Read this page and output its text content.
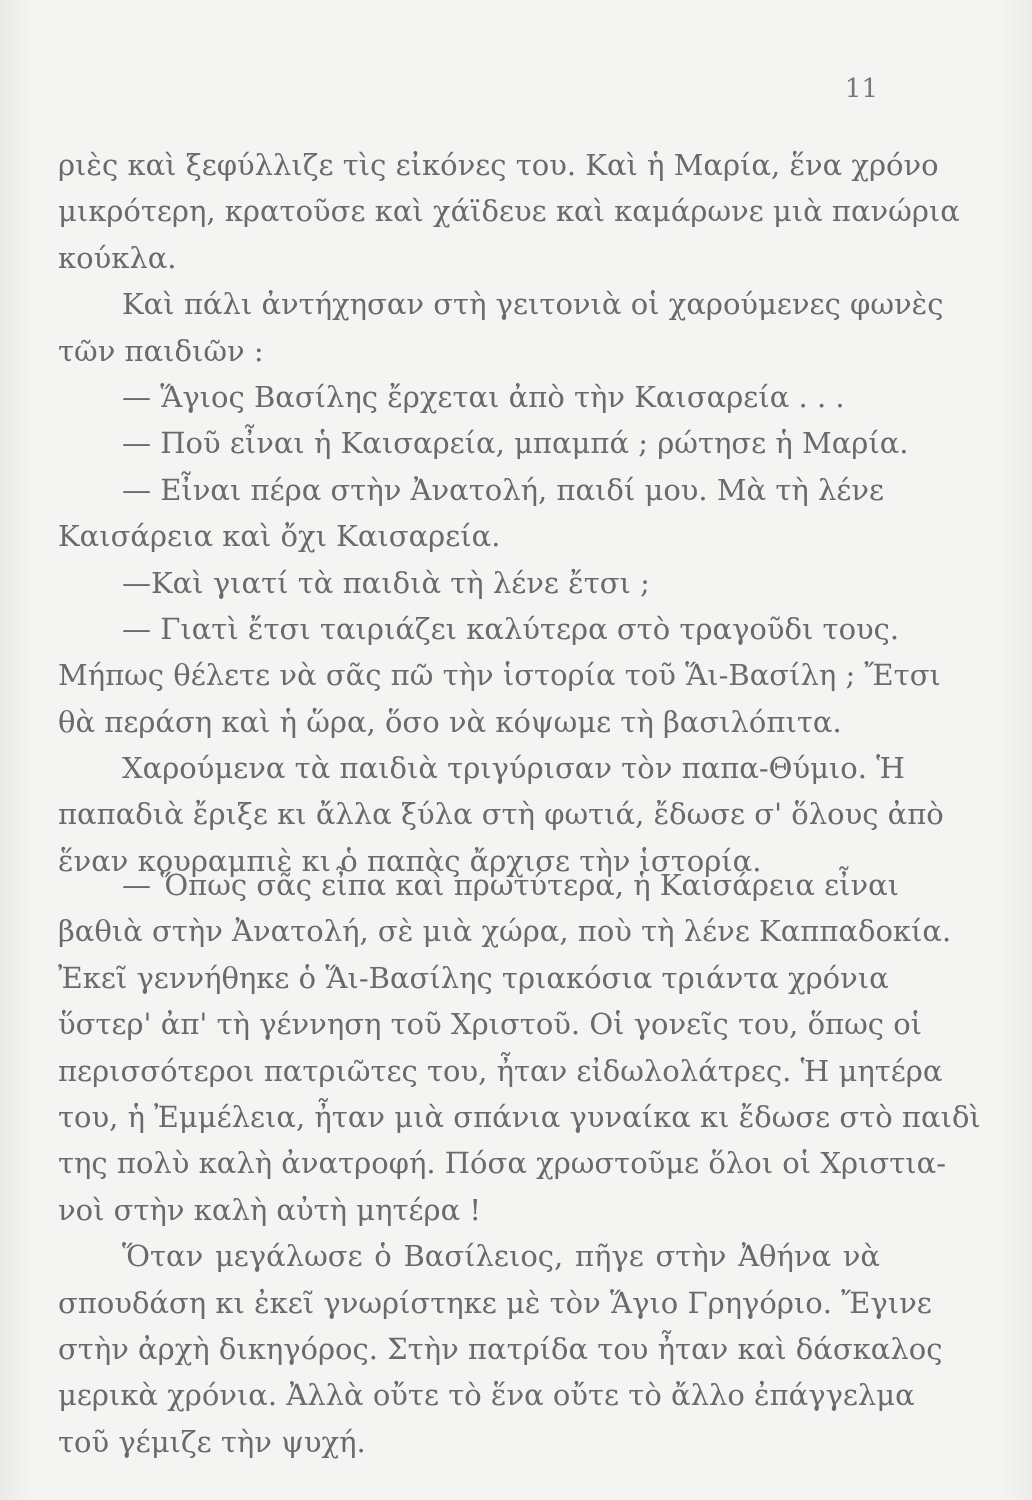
11
ριὲς καὶ ξεφύλλιζε τὶς εἰκόνες του. Καὶ ἡ Μαρία, ἕνα χρόνο
μικρότερη, κρατοῦσε καὶ χάϊδευε καὶ καμάρωνε μιὰ πανώρια
κούκλα.
Καὶ πάλι ἀντήχησαν στὴ γειτονιὰ οἱ χαρούμενες φωνὲς
τῶν παιδιῶν :
— Ἅγιος Βασίλης ἔρχεται ἀπὸ τὴν Καισαρεία . . .
— Ποῦ εἶναι ἡ Καισαρεία, μπαμπά ; ρώτησε ἡ Μαρία.
— Εἶναι πέρα στὴν Ἀνατολή, παιδί μου. Μὰ τὴ λένε
Καισάρεια καὶ ὄχι Καισαρεία.
—Καὶ γιατί τὰ παιδιὰ τὴ λένε ἔτσι ;
— Γιατὶ ἔτσι ταιριάζει καλύτερα στὸ τραγοῦδι τους.
Μήπως θέλετε νὰ σᾶς πῶ τὴν ἱστορία τοῦ Ἅι-Βασίλη ; Ἔτσι
θὰ περάση καὶ ἡ ὥρα, ὅσο νὰ κόψωμε τὴ βασιλόπιτα.
Χαρούμενα τὰ παιδιὰ τριγύρισαν τὸν παπα-Θύμιο. Ἡ
παπαδιὰ ἔριξε κι ἄλλα ξύλα στὴ φωτιά, ἔδωσε σ' ὅλους ἀπὸ
ἕναν κουραμπιὲ κι ὁ παπὰς ἄρχισε τὴν ἱστορία.
— Ὅπως σᾶς εἶπα καὶ πρωτύτερα, ἡ Καισάρεια εἶναι
βαθιὰ στὴν Ἀνατολή, σὲ μιὰ χώρα, ποὺ τὴ λένε Καππαδοκία.
Ἐκεῖ γεννήθηκε ὁ Ἅι-Βασίλης τριακόσια τριάντα χρόνια
ὕστερ' ἀπ' τὴ γέννηση τοῦ Χριστοῦ. Οἱ γονεῖς του, ὅπως οἱ
περισσότεροι πατριῶτες του, ἦταν εἰδωλολάτρες. Ἡ μητέρα
του, ἡ Ἐμμέλεια, ἦταν μιὰ σπάνια γυναίκα κι ἔδωσε στὸ παιδὶ
της πολὺ καλὴ ἀνατροφή. Πόσα χρωστοῦμε ὅλοι οἱ Χριστια-
νοὶ στὴν καλὴ αὐτὴ μητέρα !
Ὅταν μεγάλωσε ὁ Βασίλειος, πῆγε στὴν Ἀθήνα νὰ
σπουδάση κι ἐκεῖ γνωρίστηκε μὲ τὸν Ἅγιο Γρηγόριο. Ἔγινε
στὴν ἀρχὴ δικηγόρος. Στὴν πατρίδα του ἦταν καὶ δάσκαλος
μερικὰ χρόνια. Ἀλλὰ οὔτε τὸ ἕνα οὔτε τὸ ἄλλο ἐπάγγελμα
τοῦ γέμιζε τὴν ψυχή.
